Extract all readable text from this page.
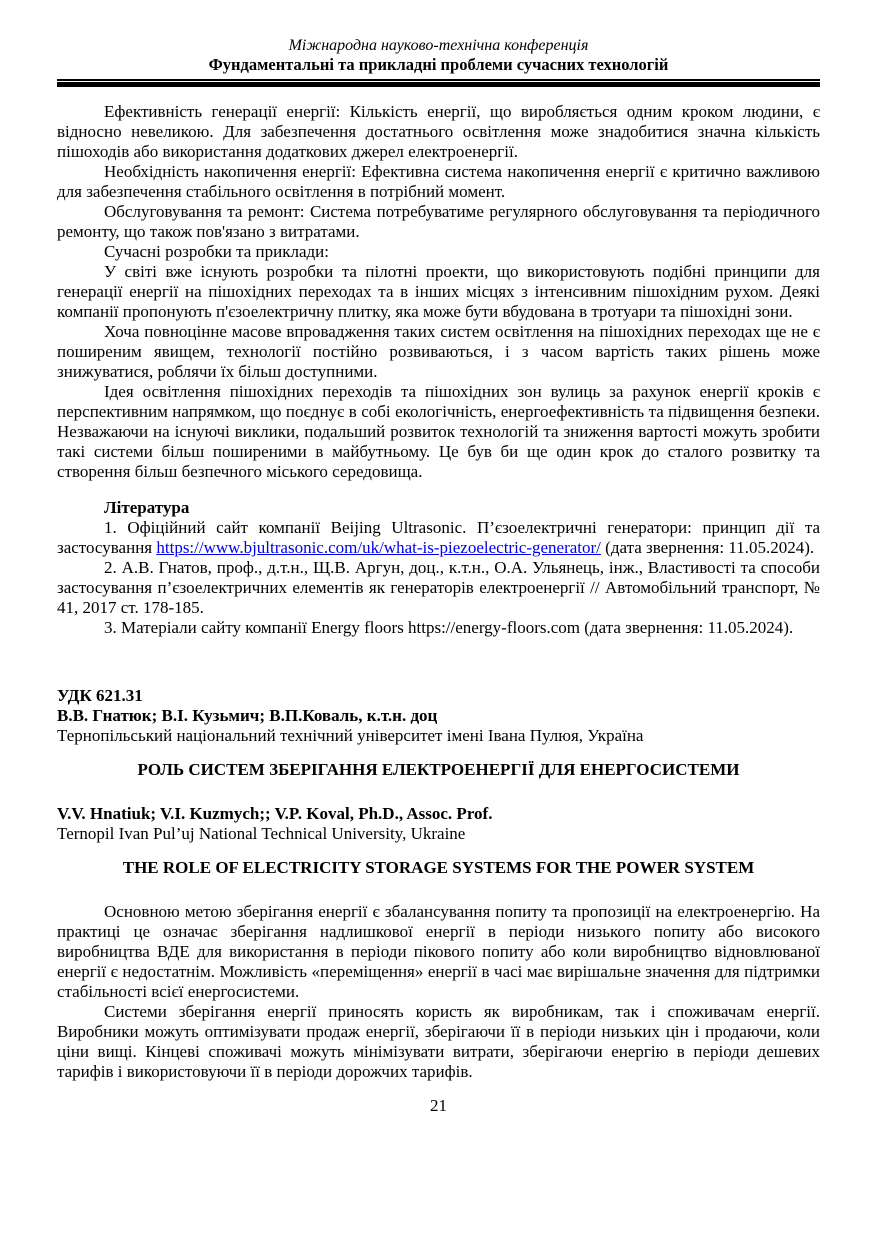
Міжнародна науково-технічна конференція

Фундаментальні та прикладні проблеми сучасних технологій

Ефективність генерації енергії: Кількість енергії, що виробляється одним кроком людини, є відносно невеликою. Для забезпечення достатнього освітлення може знадобитися значна кількість пішоходів або використання додаткових джерел електроенергії.

Необхідність накопичення енергії: Ефективна система накопичення енергії є критично важливою для забезпечення стабільного освітлення в потрібний момент.

Обслуговування та ремонт: Система потребуватиме регулярного обслуговування та періодичного ремонту, що також пов'язано з витратами.

Сучасні розробки та приклади:

У світі вже існують розробки та пілотні проекти, що використовують подібні принципи для генерації енергії на пішохідних переходах та в інших місцях з інтенсивним пішохідним рухом. Деякі компанії пропонують п'єзоелектричну плитку, яка може бути вбудована в тротуари та пішохідні зони.

Хоча повноцінне масове впровадження таких систем освітлення на пішохідних переходах ще не є поширеним явищем, технології постійно розвиваються, і з часом вартість таких рішень може знижуватися, роблячи їх більш доступними.

Ідея освітлення пішохідних переходів та пішохідних зон вулиць за рахунок енергії кроків є перспективним напрямком, що поєднує в собі екологічність, енергоефективність та підвищення безпеки. Незважаючи на існуючі виклики, подальший розвиток технологій та зниження вартості можуть зробити такі системи більш поширеними в майбутньому. Це був би ще один крок до сталого розвитку та створення більш безпечного міського середовища.

Література

1. Офіційний сайт компанії Beijing Ultrasonic. П’єзоелектричні генератори: принцип дії та застосування https://www.bjultrasonic.com/uk/what-is-piezoelectric-generator/ (дата звернення: 11.05.2024).

2. А.В. Гнатов, проф., д.т.н., Щ.В. Аргун, доц., к.т.н., О.А. Ульянець, інж., Властивості та способи застосування п’єзоелектричних елементів як генераторів електроенергії // Автомобільний транспорт, № 41, 2017 ст. 178-185.

3. Матеріали сайту компанії Energy floors https://energy-floors.com (дата звернення: 11.05.2024).

УДК 621.31

В.В. Гнатюк; В.І. Кузьмич; В.П.Коваль, к.т.н. доц

Тернопільський національний технічний університет імені Івана Пулюя, Україна

РОЛЬ СИСТЕМ ЗБЕРІГАННЯ ЕЛЕКТРОЕНЕРГІЇ ДЛЯ ЕНЕРГОСИСТЕМИ

V.V. Hnatiuk; V.I. Kuzmych;; V.P. Koval, Ph.D., Assoc. Prof.

Ternopil Ivan Pul’uj National Technical University, Ukraine

THE ROLE OF ELECTRICITY STORAGE SYSTEMS FOR THE POWER SYSTEM

Основною метою зберігання енергії є збалансування попиту та пропозиції на електроенергію. На практиці це означає зберігання надлишкової енергії в періоди низького попиту або високого виробництва ВДЕ для використання в періоди пікового попиту або коли виробництво відновлюваної енергії є недостатнім. Можливість «переміщення» енергії в часі має вирішальне значення для підтримки стабільності всієї енергосистеми.

Системи зберігання енергії приносять користь як виробникам, так і споживачам енергії. Виробники можуть оптимізувати продаж енергії, зберігаючи її в періоди низьких цін і продаючи, коли ціни вищі. Кінцеві споживачі можуть мінімізувати витрати, зберігаючи енергію в періоди дешевих тарифів і використовуючи її в періоди дорожчих тарифів.

21
